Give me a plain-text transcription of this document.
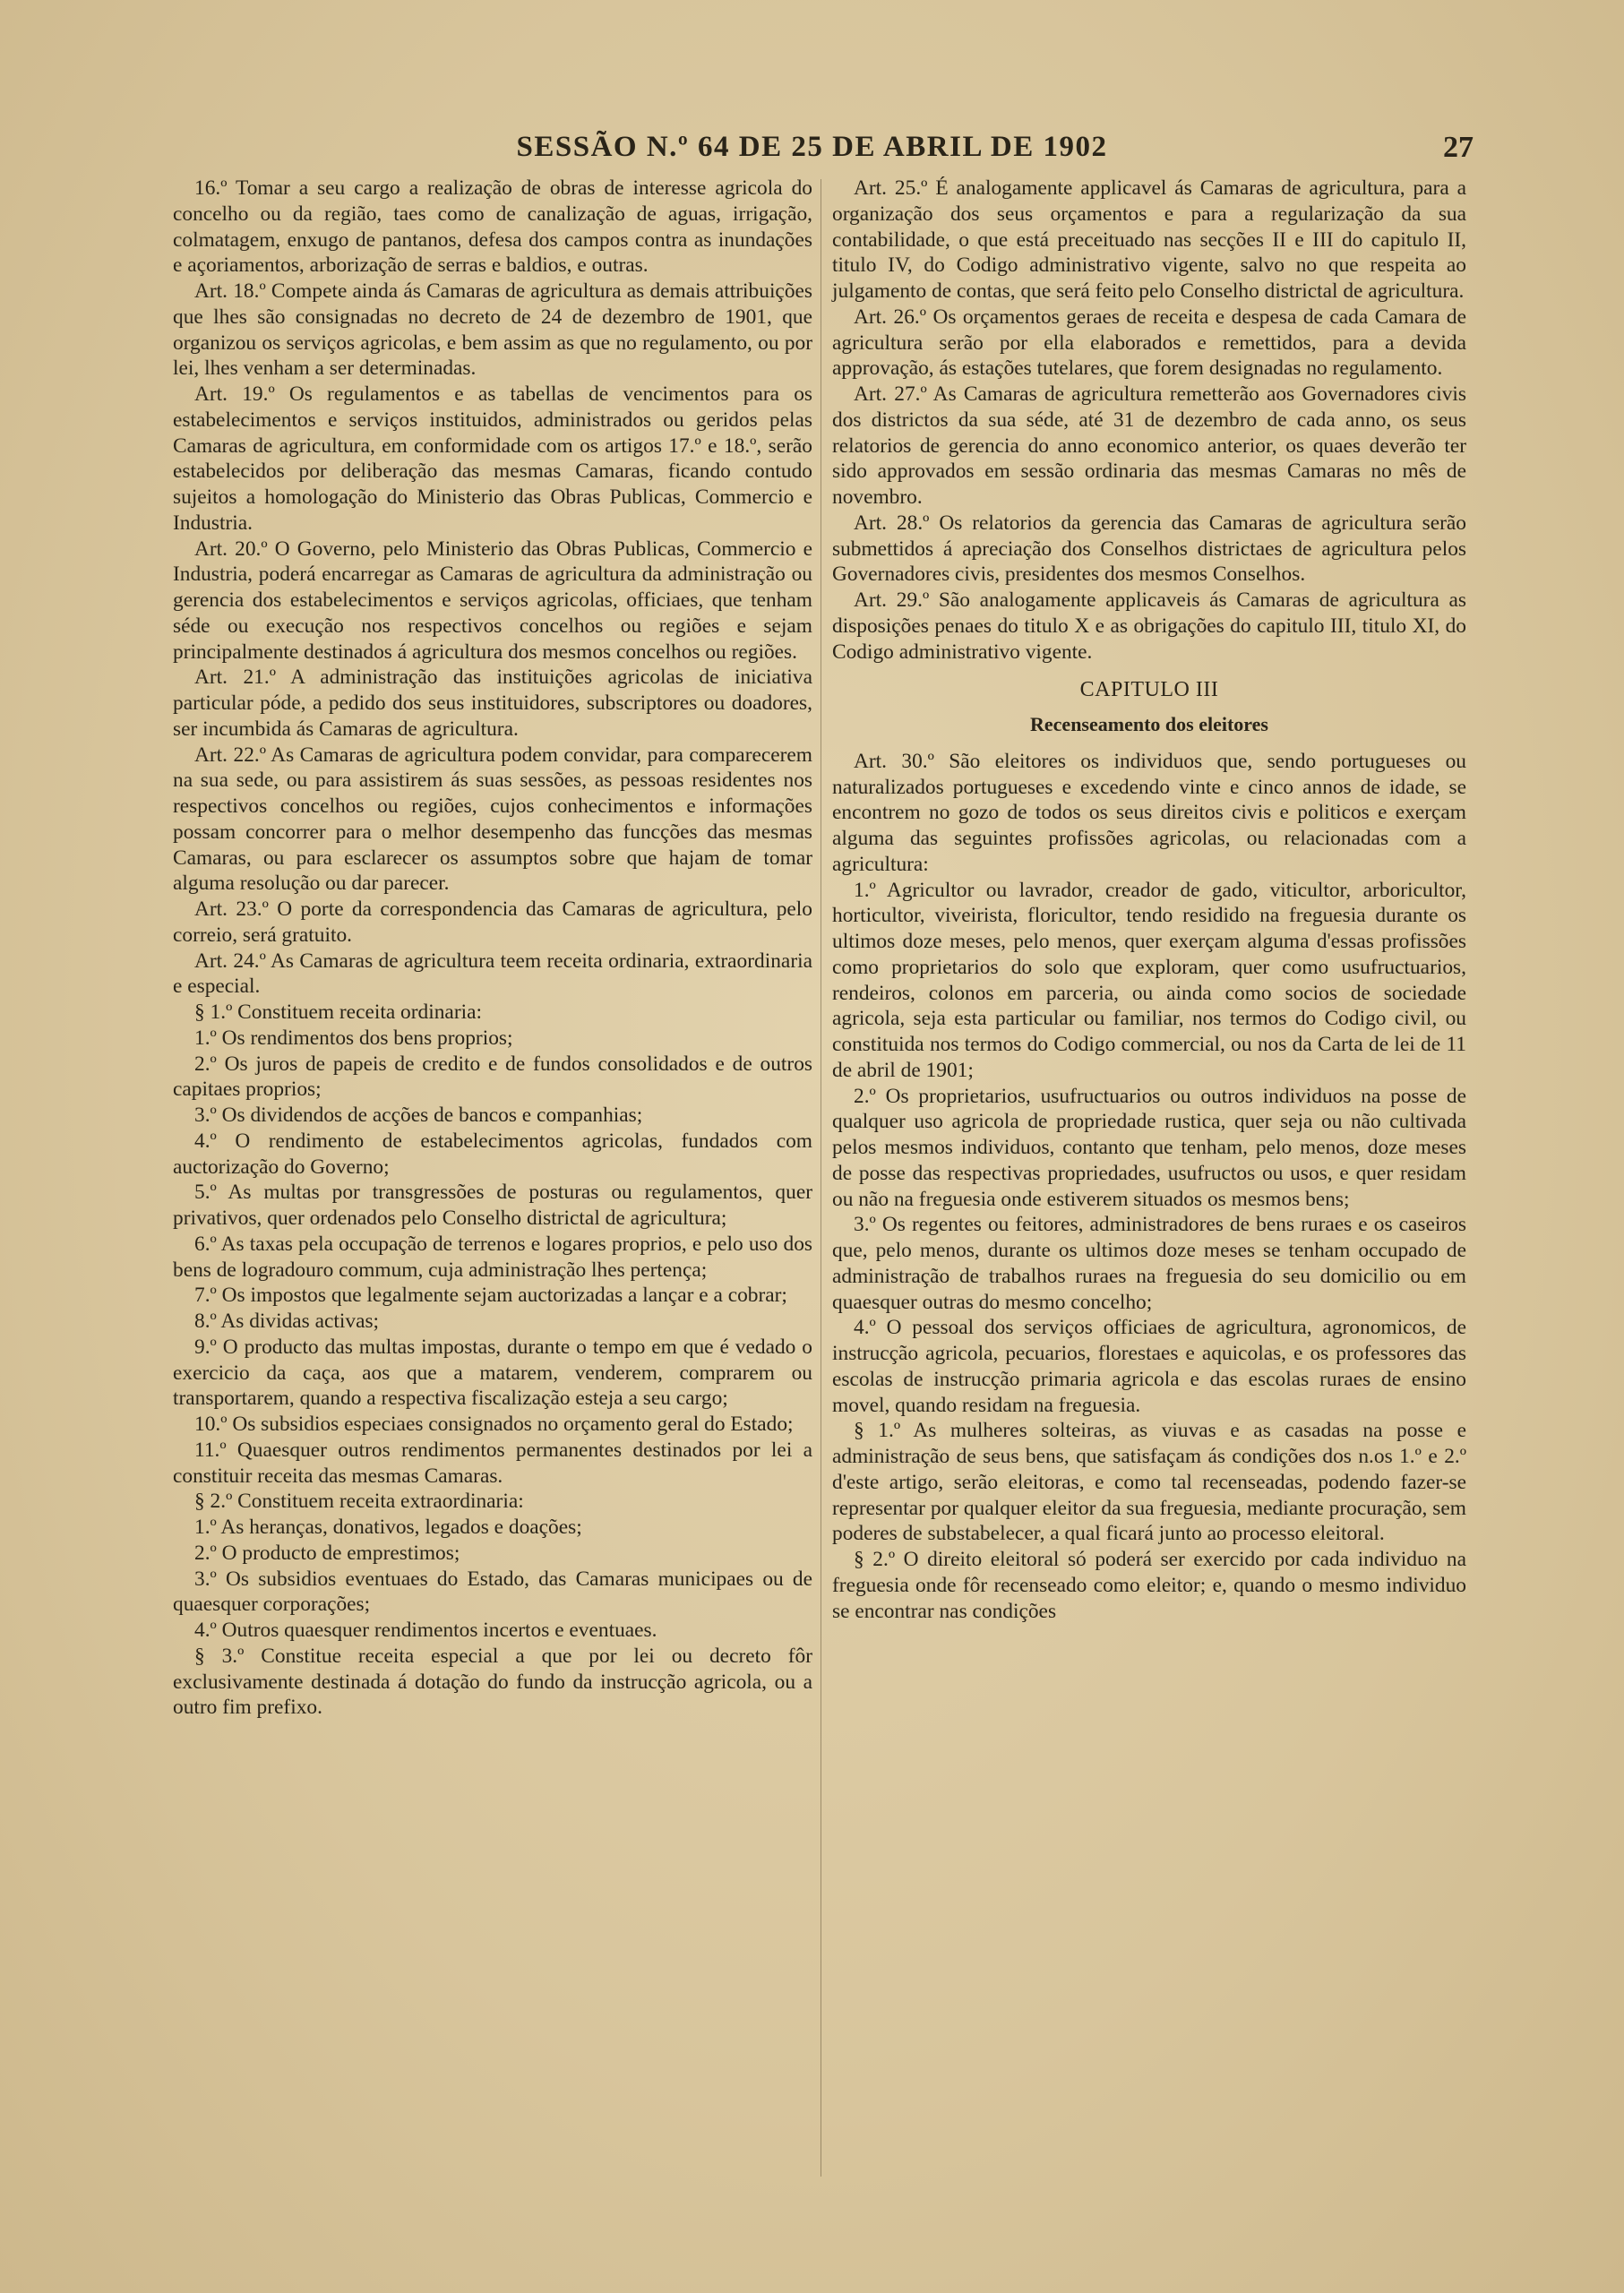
SESSÃO N.º 64 DE 25 DE ABRIL DE 1902	27

16.º Tomar a seu cargo a realização de obras de interesse agricola do concelho ou da região, taes como de canalização de aguas, irrigação, colmatagem, enxugo de pantanos, defesa dos campos contra as inundações e açoriamentos, arborização de serras e baldios, e outras.

Art. 18.º Compete ainda ás Camaras de agricultura as demais attribuições que lhes são consignadas no decreto de 24 de dezembro de 1901, que organizou os serviços agricolas, e bem assim as que no regulamento, ou por lei, lhes venham a ser determinadas.

Art. 19.º Os regulamentos e as tabellas de vencimentos para os estabelecimentos e serviços instituidos, administrados ou geridos pelas Camaras de agricultura, em conformidade com os artigos 17.º e 18.º, serão estabelecidos por deliberação das mesmas Camaras, ficando contudo sujeitos a homologação do Ministerio das Obras Publicas, Commercio e Industria.

Art. 20.º O Governo, pelo Ministerio das Obras Publicas, Commercio e Industria, poderá encarregar as Camaras de agricultura da administração ou gerencia dos estabelecimentos e serviços agricolas, officiaes, que tenham séde ou execução nos respectivos concelhos ou regiões e sejam principalmente destinados á agricultura dos mesmos concelhos ou regiões.

Art. 21.º A administração das instituições agricolas de iniciativa particular póde, a pedido dos seus instituidores, subscriptores ou doadores, ser incumbida ás Camaras de agricultura.

Art. 22.º As Camaras de agricultura podem convidar, para comparecerem na sua sede, ou para assistirem ás suas sessões, as pessoas residentes nos respectivos concelhos ou regiões, cujos conhecimentos e informações possam concorrer para o melhor desempenho das funcções das mesmas Camaras, ou para esclarecer os assumptos sobre que hajam de tomar alguma resolução ou dar parecer.

Art. 23.º O porte da correspondencia das Camaras de agricultura, pelo correio, será gratuito.

Art. 24.º As Camaras de agricultura teem receita ordinaria, extraordinaria e especial.

§ 1.º Constituem receita ordinaria:

1.º Os rendimentos dos bens proprios;

2.º Os juros de papeis de credito e de fundos consolidados e de outros capitaes proprios;

3.º Os dividendos de acções de bancos e companhias;

4.º O rendimento de estabelecimentos agricolas, fundados com auctorização do Governo;

5.º As multas por transgressões de posturas ou regulamentos, quer privativos, quer ordenados pelo Conselho districtal de agricultura;

6.º As taxas pela occupação de terrenos e logares proprios, e pelo uso dos bens de logradouro commum, cuja administração lhes pertença;

7.º Os impostos que legalmente sejam auctorizadas a lançar e a cobrar;

8.º As dividas activas;

9.º O producto das multas impostas, durante o tempo em que é vedado o exercicio da caça, aos que a matarem, venderem, comprarem ou transportarem, quando a respectiva fiscalização esteja a seu cargo;

10.º Os subsidios especiaes consignados no orçamento geral do Estado;

11.º Quaesquer outros rendimentos permanentes destinados por lei a constituir receita das mesmas Camaras.

§ 2.º Constituem receita extraordinaria:

1.º As heranças, donativos, legados e doações;

2.º O producto de emprestimos;

3.º Os subsidios eventuaes do Estado, das Camaras municipaes ou de quaesquer corporações;

4.º Outros quaesquer rendimentos incertos e eventuaes.

§ 3.º Constitue receita especial a que por lei ou decreto fôr exclusivamente destinada á dotação do fundo da instrucção agricola, ou a outro fim prefixo.

Art. 25.º É analogamente applicavel ás Camaras de agricultura, para a organização dos seus orçamentos e para a regularização da sua contabilidade, o que está preceituado nas secções II e III do capitulo II, titulo IV, do Codigo administrativo vigente, salvo no que respeita ao julgamento de contas, que será feito pelo Conselho districtal de agricultura.

Art. 26.º Os orçamentos geraes de receita e despesa de cada Camara de agricultura serão por ella elaborados e remettidos, para a devida approvação, ás estações tutelares, que forem designadas no regulamento.

Art. 27.º As Camaras de agricultura remetterão aos Governadores civis dos districtos da sua séde, até 31 de dezembro de cada anno, os seus relatorios de gerencia do anno economico anterior, os quaes deverão ter sido approvados em sessão ordinaria das mesmas Camaras no mês de novembro.

Art. 28.º Os relatorios da gerencia das Camaras de agricultura serão submettidos á apreciação dos Conselhos districtaes de agricultura pelos Governadores civis, presidentes dos mesmos Conselhos.

Art. 29.º São analogamente applicaveis ás Camaras de agricultura as disposições penaes do titulo X e as obrigações do capitulo III, titulo XI, do Codigo administrativo vigente.

CAPITULO III

Recenseamento dos eleitores

Art. 30.º São eleitores os individuos que, sendo portugueses ou naturalizados portugueses e excedendo vinte e cinco annos de idade, se encontrem no gozo de todos os seus direitos civis e politicos e exerçam alguma das seguintes profissões agricolas, ou relacionadas com a agricultura:

1.º Agricultor ou lavrador, creador de gado, viticultor, arboricultor, horticultor, viveirista, floricultor, tendo residido na freguesia durante os ultimos doze meses, pelo menos, quer exerçam alguma d'essas profissões como proprietarios do solo que exploram, quer como usufructuarios, rendeiros, colonos em parceria, ou ainda como socios de sociedade agricola, seja esta particular ou familiar, nos termos do Codigo civil, ou constituida nos termos do Codigo commercial, ou nos da Carta de lei de 11 de abril de 1901;

2.º Os proprietarios, usufructuarios ou outros individuos na posse de qualquer uso agricola de propriedade rustica, quer seja ou não cultivada pelos mesmos individuos, contanto que tenham, pelo menos, doze meses de posse das respectivas propriedades, usufructos ou usos, e quer residam ou não na freguesia onde estiverem situados os mesmos bens;

3.º Os regentes ou feitores, administradores de bens ruraes e os caseiros que, pelo menos, durante os ultimos doze meses se tenham occupado de administração de trabalhos ruraes na freguesia do seu domicilio ou em quaesquer outras do mesmo concelho;

4.º O pessoal dos serviços officiaes de agricultura, agronomicos, de instrucção agricola, pecuarios, florestaes e aquicolas, e os professores das escolas de instrucção primaria agricola e das escolas ruraes de ensino movel, quando residam na freguesia.

§ 1.º As mulheres solteiras, as viuvas e as casadas na posse e administração de seus bens, que satisfaçam ás condições dos n.os 1.º e 2.º d'este artigo, serão eleitoras, e como tal recenseadas, podendo fazer-se representar por qualquer eleitor da sua freguesia, mediante procuração, sem poderes de substabelecer, a qual ficará junto ao processo eleitoral.

§ 2.º O direito eleitoral só poderá ser exercido por cada individuo na freguesia onde fôr recenseado como eleitor; e, quando o mesmo individuo se encontrar nas condições
